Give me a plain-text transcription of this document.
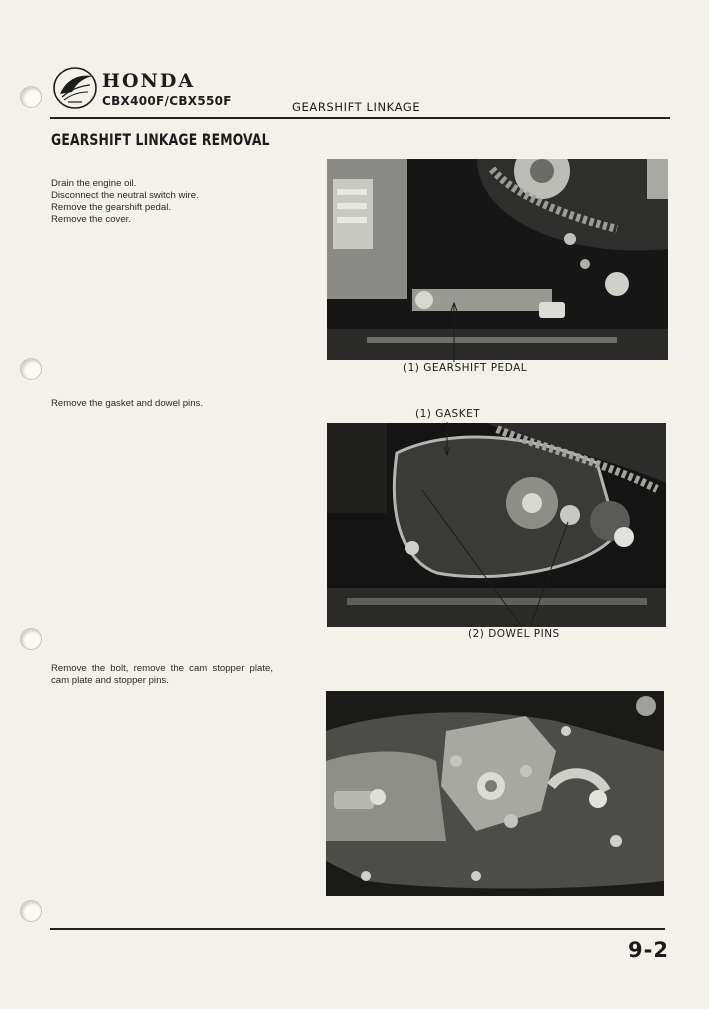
HONDA
CBX400F/CBX550F	GEARSHIFT LINKAGE
GEARSHIFT LINKAGE REMOVAL
Drain the engine oil.
Disconnect the neutral switch wire.
Remove the gearshift pedal.
Remove the cover.
(1) GEARSHIFT PEDAL
Remove the gasket and dowel pins.
(1) GASKET
(2) DOWEL PINS
Remove the bolt, remove the cam stopper plate, cam plate and stopper pins.
9-2
